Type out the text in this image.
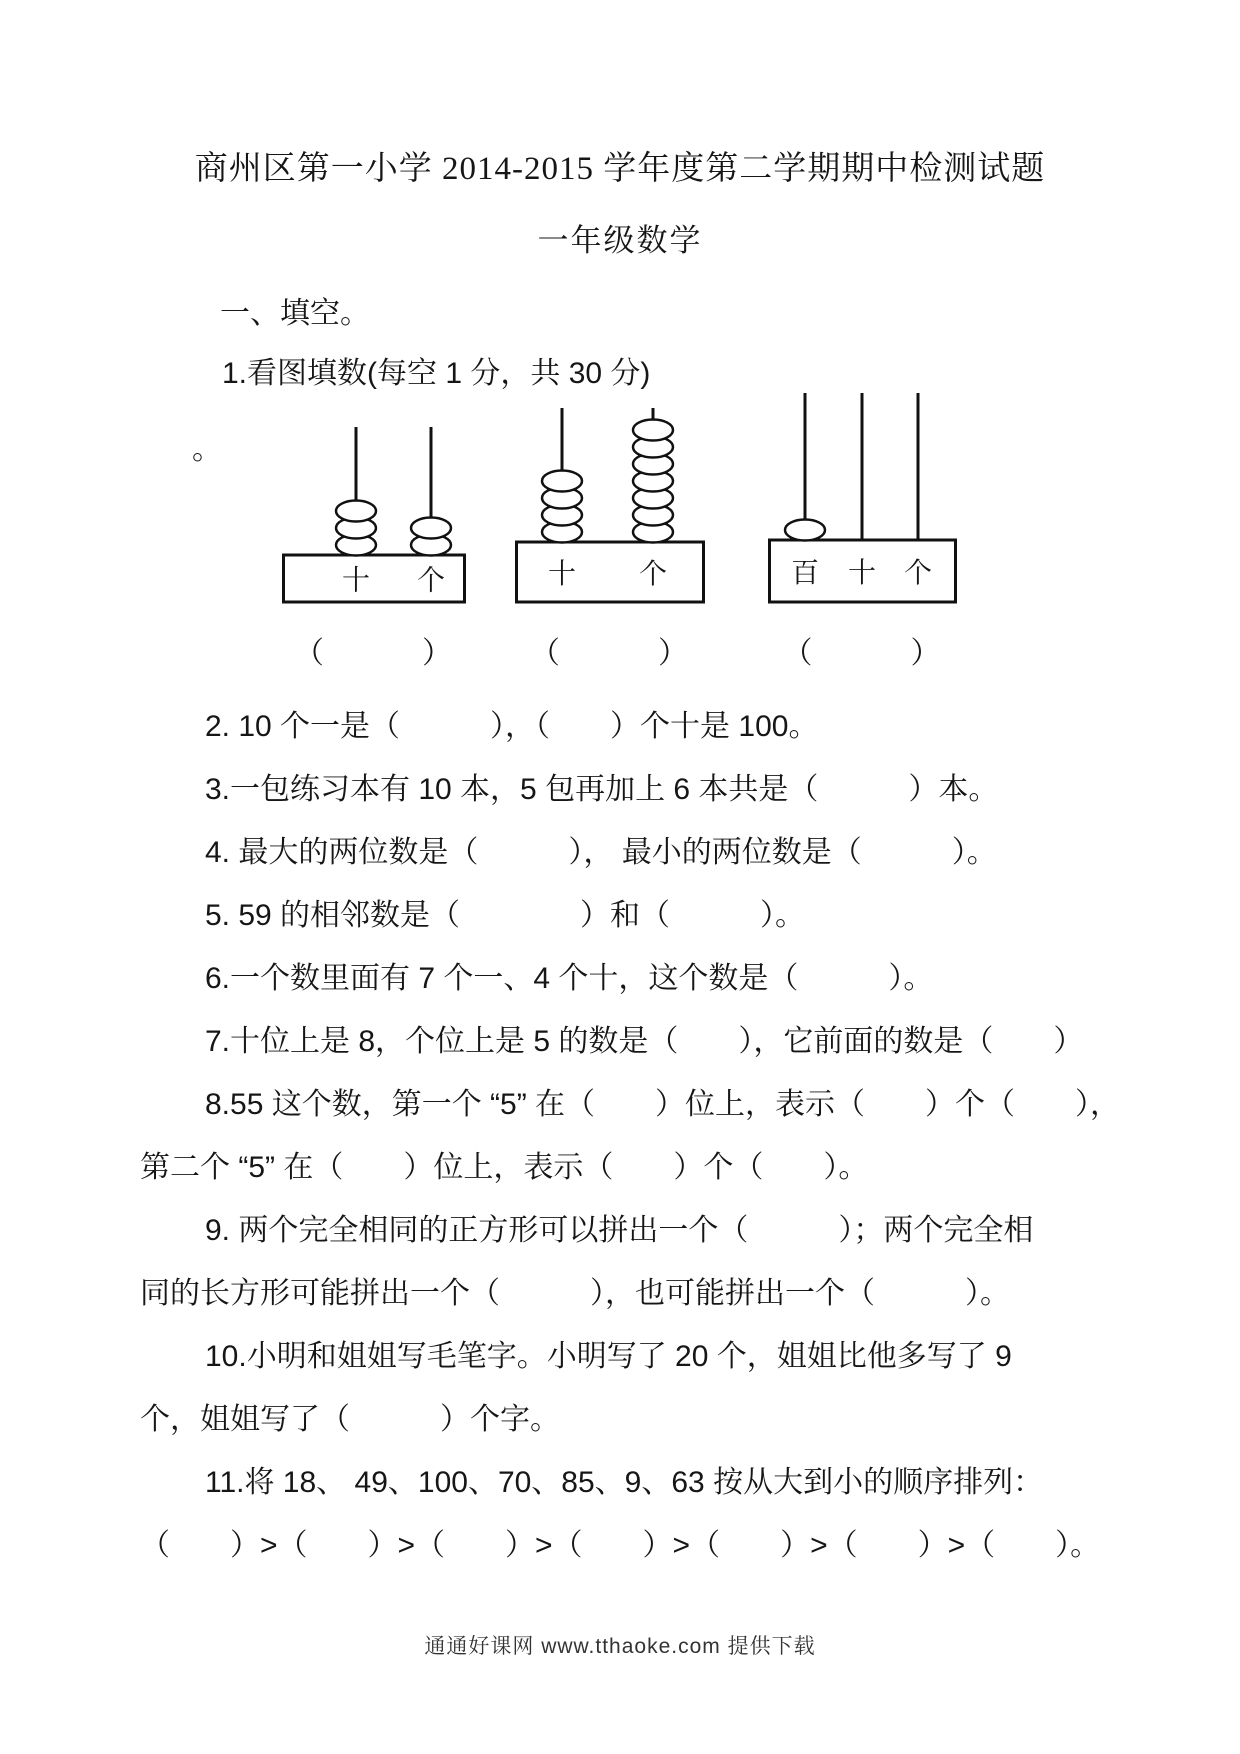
商州区第一小学 2014-2015 学年度第二学期期中检测试题
一年级数学
一、填空。
1.看图填数(每空 1 分，共 30 分)
。
十 个	十 个	百 十 个
（　　　）	（　　　）	（　　　）
2. 10 个一是（　　　），（　　）个十是 100。
3.一包练习本有 10 本，5 包再加上 6 本共是（　　　）本。
4. 最大的两位数是（　　　）， 最小的两位数是（　　　）。
5. 59 的相邻数是（　　　　）和（　　　）。
6.一个数里面有 7 个一、4 个十，这个数是（　　　）。
7.十位上是 8，个位上是 5 的数是（　　），它前面的数是（　　）
8.55 这个数，第一个 “5” 在（　　）位上，表示（　　）个（　　），
第二个 “5” 在（　　）位上，表示（　　）个（　　）。
9. 两个完全相同的正方形可以拼出一个（　　　）；两个完全相
同的长方形可能拼出一个（　　　），也可能拼出一个（　　　）。
10.小明和姐姐写毛笔字。小明写了 20 个，姐姐比他多写了 9
个，姐姐写了（　　　）个字。
11.将 18、 49、100、70、85、9、63 按从大到小的顺序排列：
（　　）>（　　）>（　　）>（　　）>（　　）>（　　）>（　　）。
通通好课网 www.tthaoke.com 提供下载
